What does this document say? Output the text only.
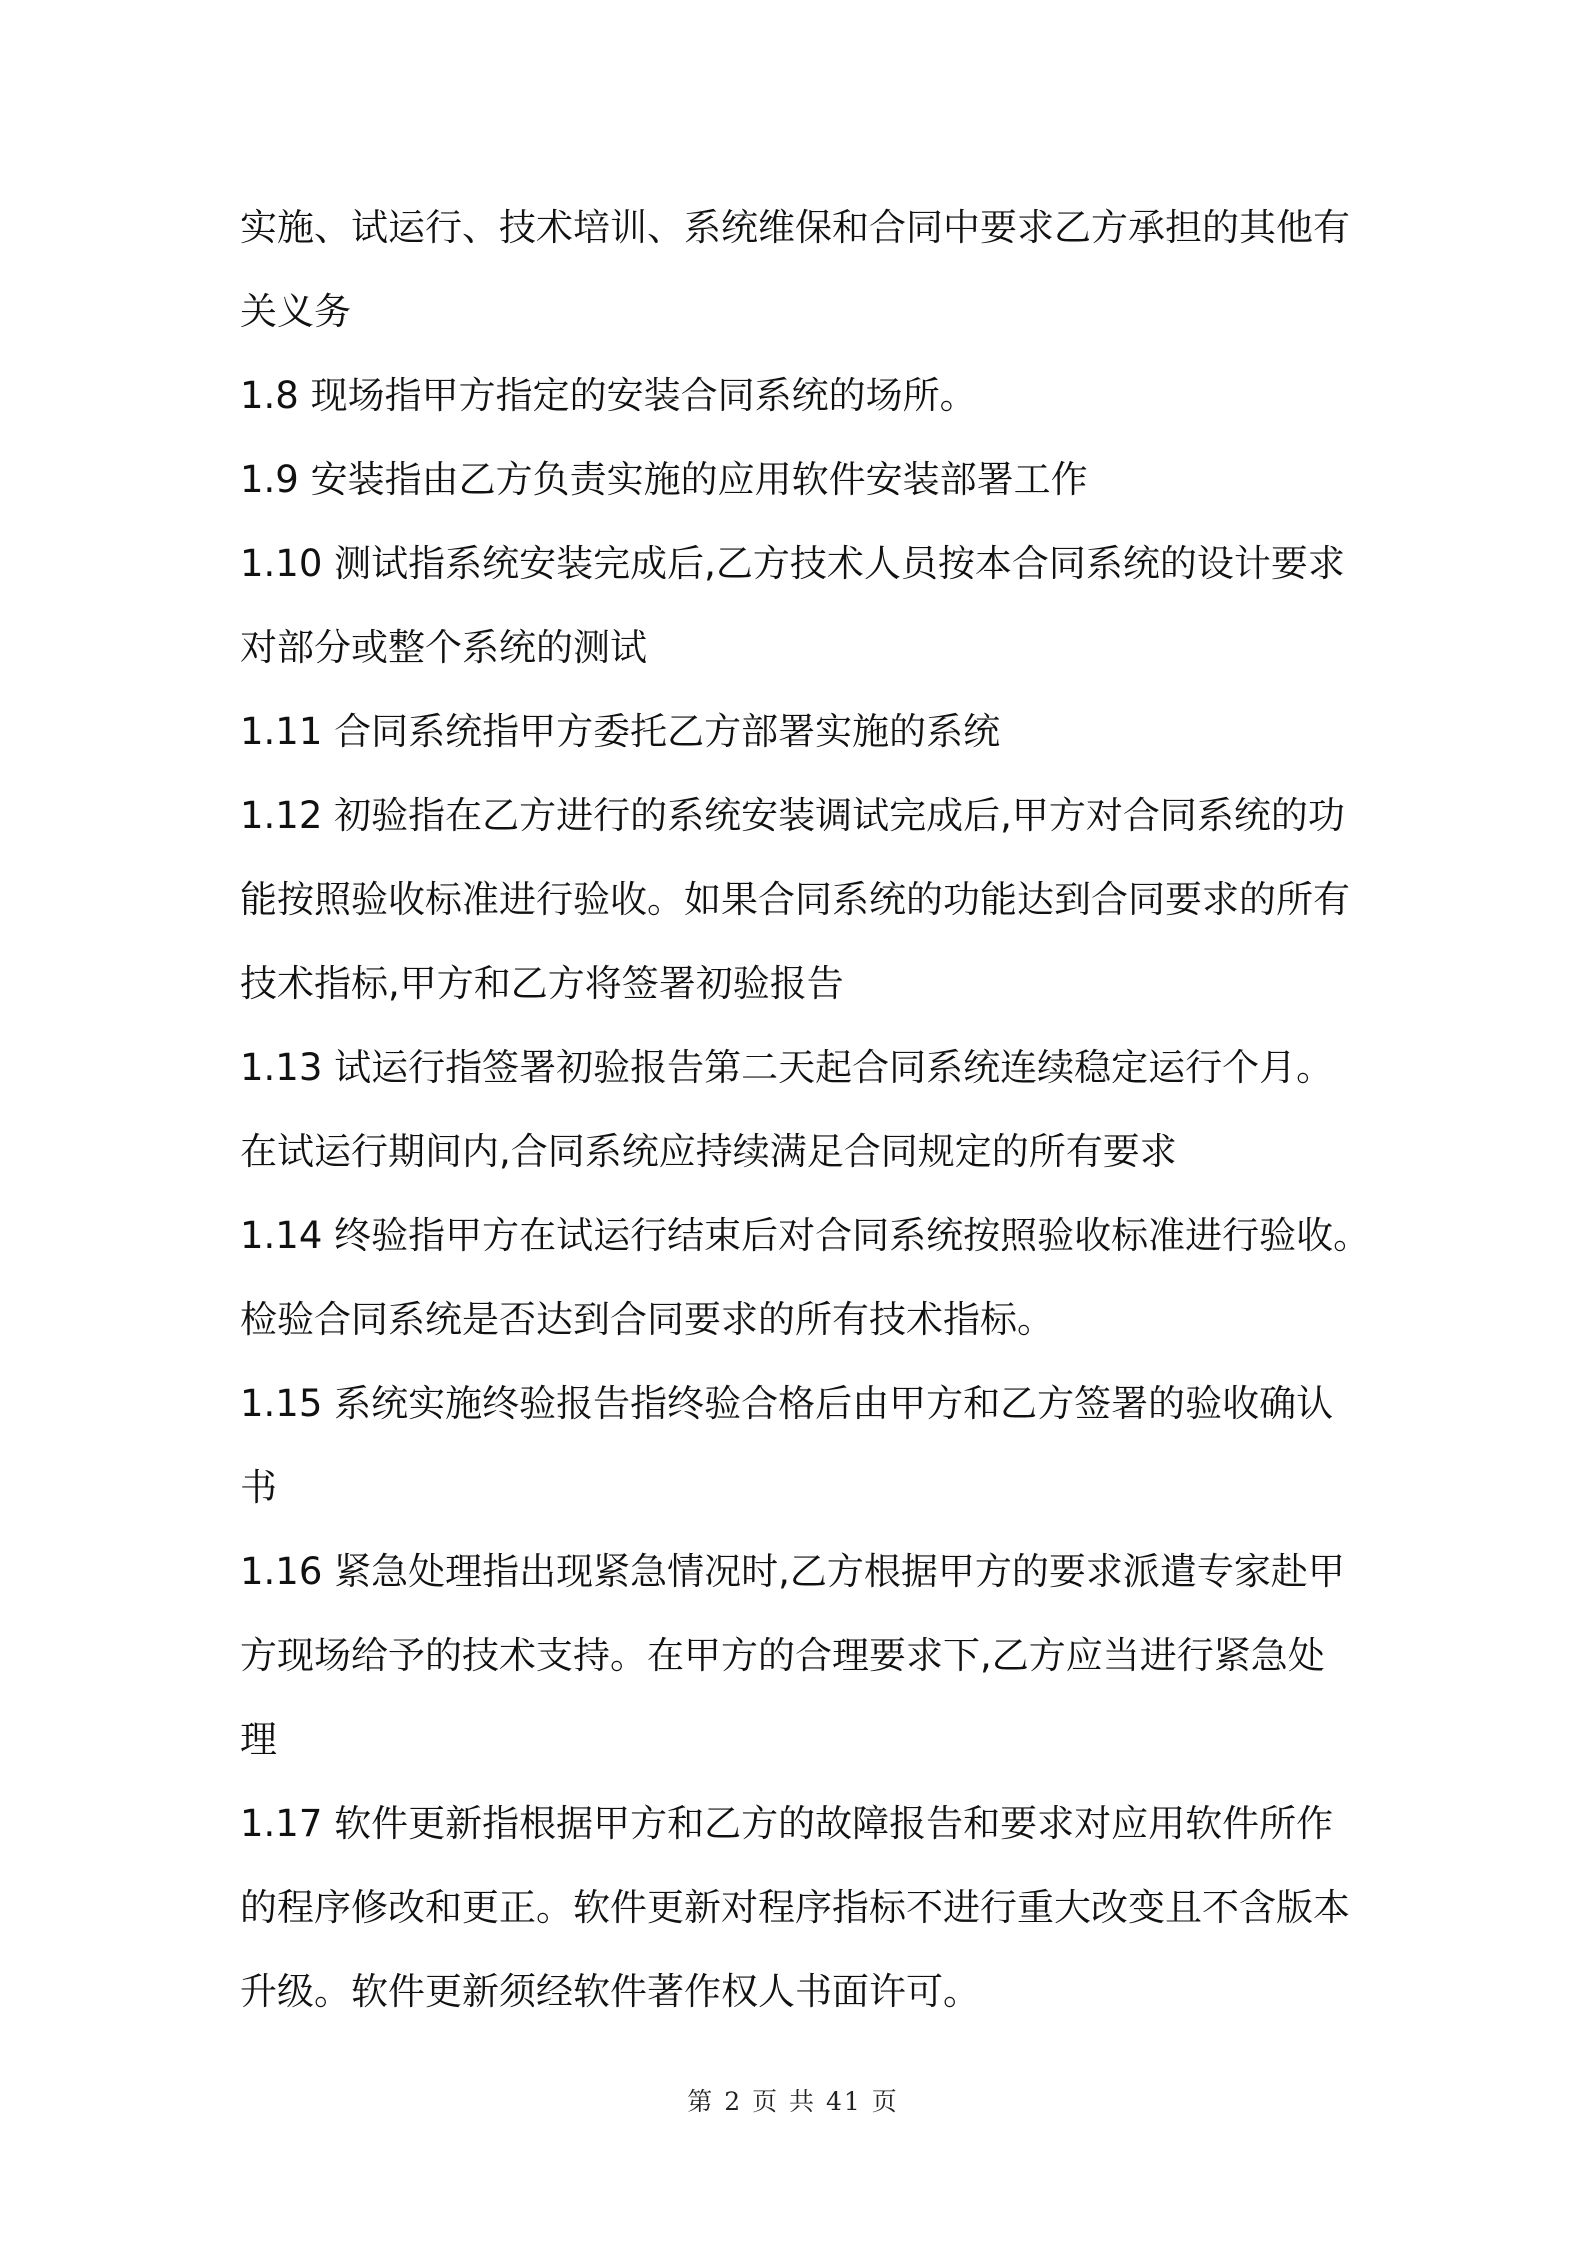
实施、试运行、技术培训、系统维保和合同中要求乙方承担的其他有
关义务
1.8 现场指甲方指定的安装合同系统的场所。
1.9 安装指由乙方负责实施的应用软件安装部署工作
1.10 测试指系统安装完成后,乙方技术人员按本合同系统的设计要求
对部分或整个系统的测试
1.11 合同系统指甲方委托乙方部署实施的系统
1.12 初验指在乙方进行的系统安装调试完成后,甲方对合同系统的功
能按照验收标准进行验收。如果合同系统的功能达到合同要求的所有
技术指标,甲方和乙方将签署初验报告
1.13 试运行指签署初验报告第二天起合同系统连续稳定运行个月。
在试运行期间内,合同系统应持续满足合同规定的所有要求
1.14 终验指甲方在试运行结束后对合同系统按照验收标准进行验收。
检验合同系统是否达到合同要求的所有技术指标。
1.15 系统实施终验报告指终验合格后由甲方和乙方签署的验收确认
书
1.16 紧急处理指出现紧急情况时,乙方根据甲方的要求派遣专家赴甲
方现场给予的技术支持。在甲方的合理要求下,乙方应当进行紧急处
理
1.17 软件更新指根据甲方和乙方的故障报告和要求对应用软件所作
的程序修改和更正。软件更新对程序指标不进行重大改变且不含版本
升级。软件更新须经软件著作权人书面许可。
第 2 页 共 41 页
